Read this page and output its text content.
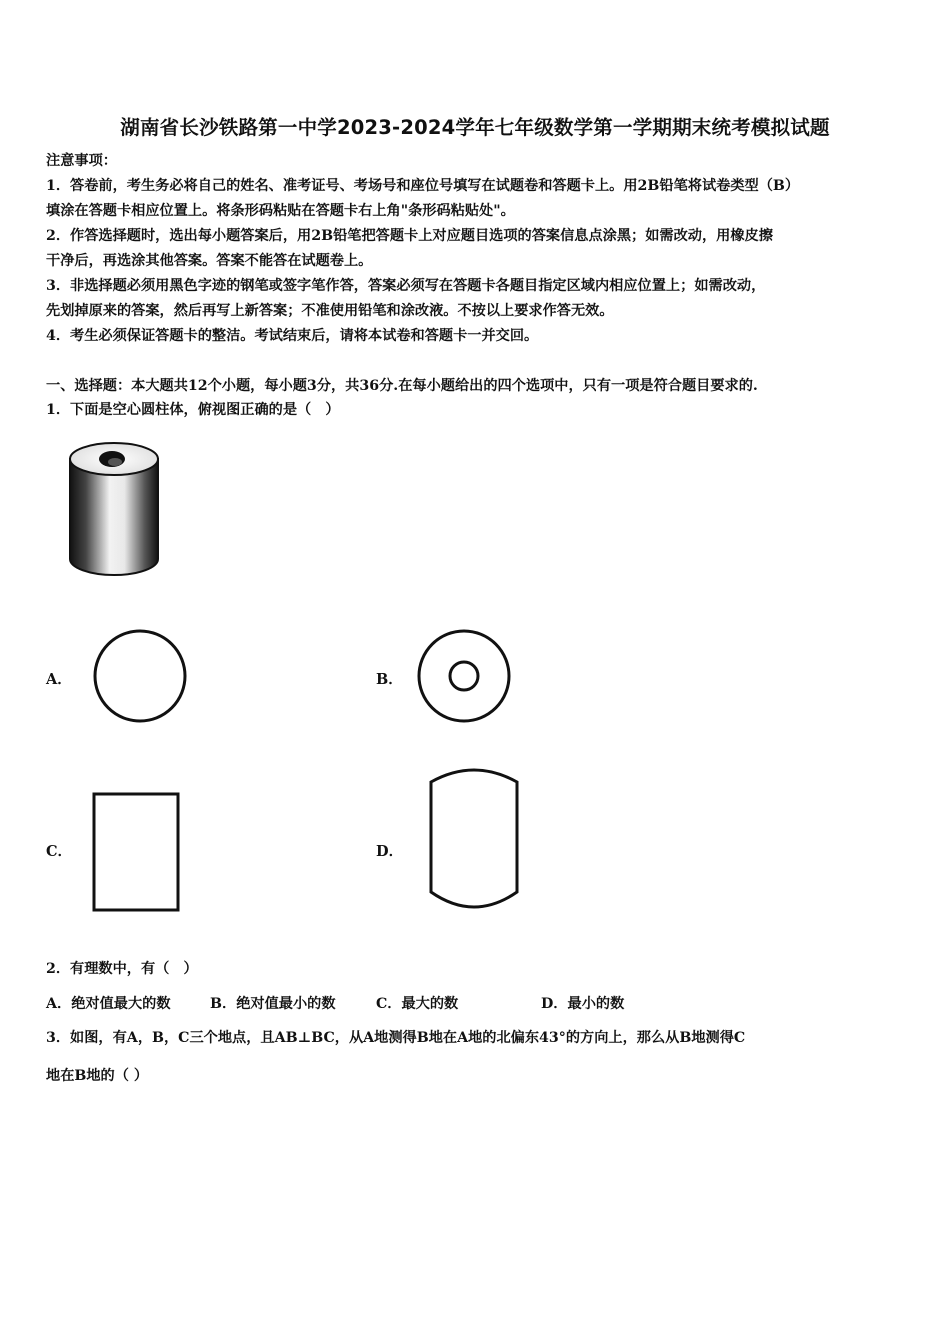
湖南省长沙铁路第一中学2023-2024学年七年级数学第一学期期末统考模拟试题
注意事项：
1．答卷前，考生务必将自己的姓名、准考证号、考场号和座位号填写在试题卷和答题卡上。用2B铅笔将试卷类型（B）
填涂在答题卡相应位置上。将条形码粘贴在答题卡右上角"条形码粘贴处"。
2．作答选择题时，选出每小题答案后，用2B铅笔把答题卡上对应题目选项的答案信息点涂黑；如需改动，用橡皮擦
干净后，再选涂其他答案。答案不能答在试题卷上。
3．非选择题必须用黑色字迹的钢笔或签字笔作答，答案必须写在答题卡各题目指定区域内相应位置上；如需改动，
先划掉原来的答案，然后再写上新答案；不准使用铅笔和涂改液。不按以上要求作答无效。
4．考生必须保证答题卡的整洁。考试结束后，请将本试卷和答题卡一并交回。
一、选择题：本大题共12个小题，每小题3分，共36分.在每小题给出的四个选项中，只有一项是符合题目要求的.
1．下面是空心圆柱体，俯视图正确的是（　）
A．	B．
C．	D．
2．有理数中，有（　）
A．绝对值最大的数	B．绝对值最小的数	C．最大的数	D．最小的数
3．如图，有A，B，C三个地点，且AB⊥BC，从A地测得B地在A地的北偏东43°的方向上，那么从B地测得C
地在B地的（ ）
